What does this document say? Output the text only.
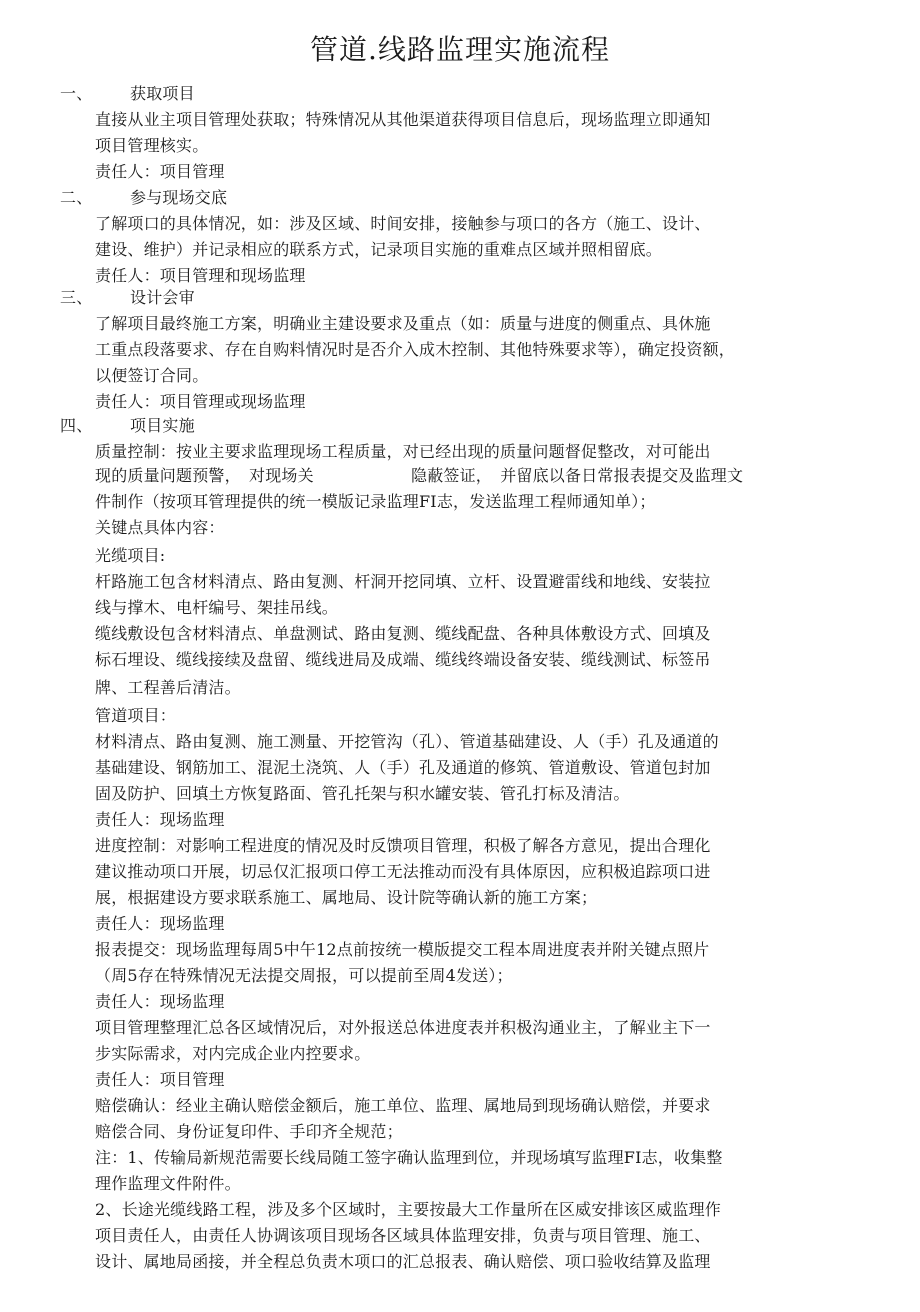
管道.线路监理实施流程
一、 获取项目
直接从业主项目管理处获取；特殊情况从其他渠道获得项目信息后，现场监理立即通知
项目管理核实。
责任人：项目管理
二、 参与现场交底
了解项口的具体情况，如：涉及区域、时间安排，接触参与项口的各方（施工、设计、
建设、维护）并记录相应的联系方式，记录项目实施的重难点区域并照相留底。
责任人：项目管理和现场监理
三、 设计会审
了解项目最终施工方案，明确业主建设要求及重点（如：质量与进度的侧重点、具休施
工重点段落要求、存在自购料情况时是否介入成木控制、其他特殊要求等），确定投资额，
以便签订合同。
责任人：项目管理或现场监理
四、 项目实施
质量控制：按业主要求监理现场工程质量，对已经出现的质量问题督促整改，对可能出
现的质量问题预警，　对现场关　　　　　　隐蔽签证，　并留底以备日常报表提交及监理文
件制作（按项耳管理提供的统一模版记录监理FI志，发送监理工程师通知单）；
关键点具体内容：
光缆项目:
杆路施工包含材料清点、路由复测、杆洞开挖同填、立杆、设置避雷线和地线、安装拉
线与撑木、电杆编号、架挂吊线。
缆线敷设包含材料清点、单盘测试、路由复测、缆线配盘、各种具体敷设方式、回填及
标石埋设、缆线接续及盘留、缆线进局及成端、缆线终端设备安装、缆线测试、标签吊
牌、工程善后清洁。
管道项目：
材料清点、路由复测、施工测量、开挖管沟（孔）、管道基础建设、人（手）孔及通道的
基础建设、钢筋加工、混泥土浇筑、人（手）孔及通道的修筑、管道敷设、管道包封加
固及防护、回填土方恢复路面、管孔托架与积水罐安装、管孔打标及清洁。
责任人：现场监理
进度控制：对影响工程进度的情况及时反馈项目管理，积极了解各方意见，提出合理化
建议推动项口开展，切忌仅汇报项口停工无法推动而没有具体原因，应积极追踪项口进
展，根据建设方要求联系施工、属地局、设计院等确认新的施工方案；
责任人：现场监理
报表提交：现场监理每周5中午12点前按统一模版提交工程本周进度表并附关键点照片
（周5存在特殊情况无法提交周报，可以提前至周4发送）；
责任人：现场监理
项目管理整理汇总各区域情况后，对外报送总体进度表并积极沟通业主，了解业主下一
步实际需求，对内完成企业内控要求。
责任人：项目管理
赔偿确认：经业主确认赔偿金额后，施工单位、监理、属地局到现场确认赔偿，并要求
赔偿合同、身份证复印件、手印齐全规范；
注：1、传输局新规范需要长线局随工签字确认监理到位，并现场填写监理FI志，收集整
理作监理文件附件。
2、长途光缆线路工程，涉及多个区域时，主要按最大工作量所在区威安排该区威监理作
项目责任人，由责任人协调该项目现场各区域具体监理安排，负责与项目管理、施工、
设计、属地局函接，并全程总负责木项口的汇总报表、确认赔偿、项口验收结算及监理
